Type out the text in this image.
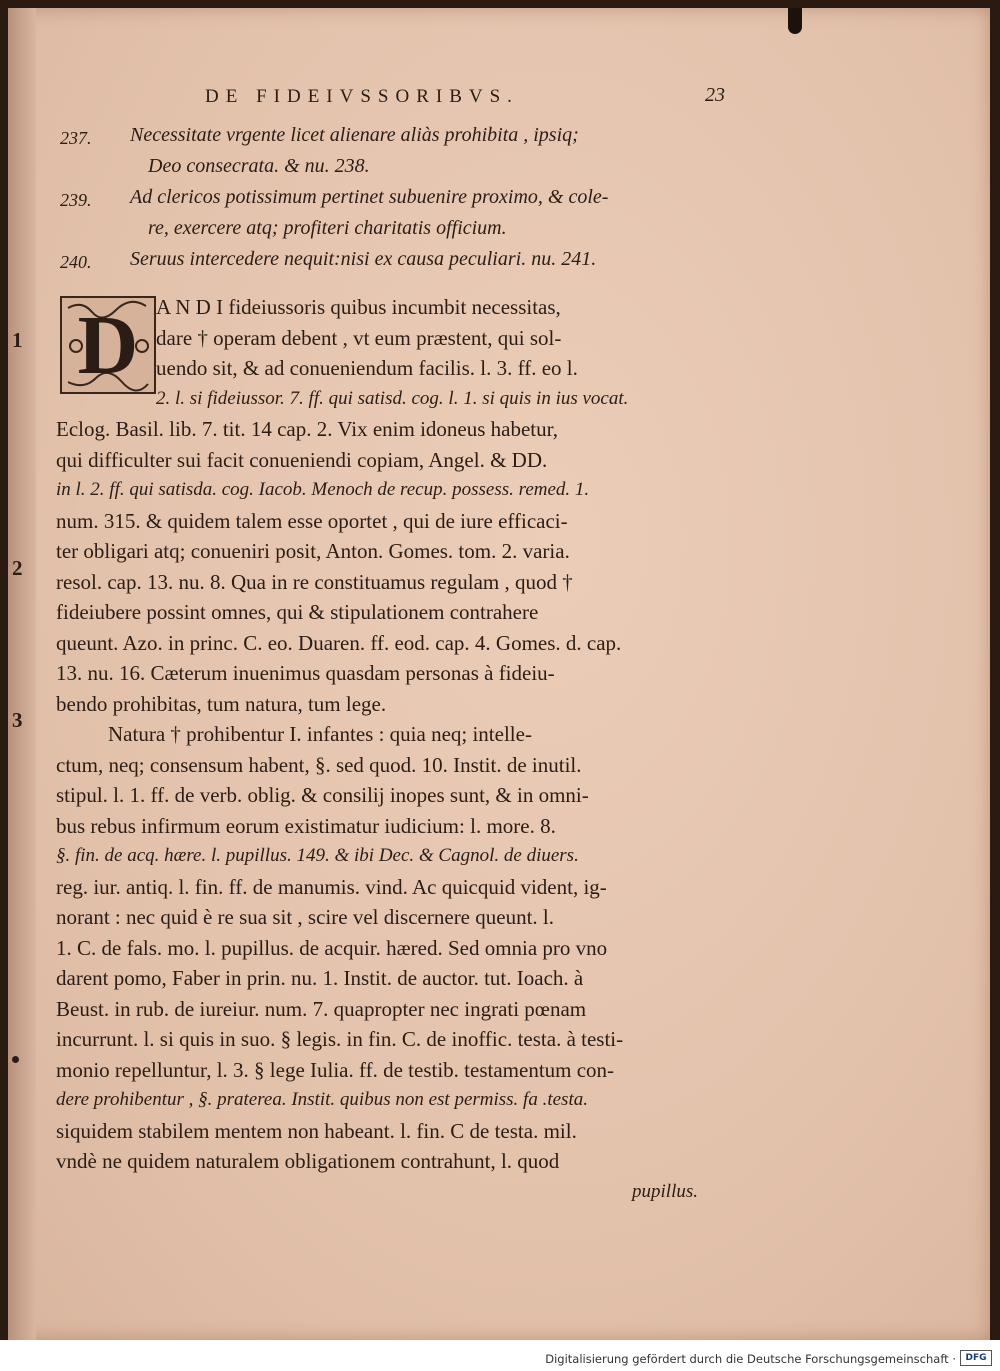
DE FIDEIVSSORIBVS.	23
237.	Necessitate vrgente licet alienare aliàs prohibita , ipsiq;
Deo consecrata. & nu. 238.
239.	Ad clericos potissimum pertinet subuenire proximo, & cole-
re, exercere atq; profiteri charitatis officium.
240.	Seruus intercedere nequit:nisi ex causa peculiari. nu. 241.
D A N D I fideiussoris quibus incumbit necessitas,
dare † operam debent , vt eum præstent, qui sol-
uendo sit, & ad conueniendum facilis. l. 3. ff. eo l.
2. l. si fideiussor. 7. ff. qui satisd. cog. l. 1. si quis in ius vocat.
Eclog. Basil. lib. 7. tit. 14 cap. 2. Vix enim idoneus habetur,
qui difficulter sui facit conueniendi copiam, Angel. & DD.
in l. 2. ff. qui satisda. cog. Iacob. Menoch de recup. possess. remed. 1.
num. 315. & quidem talem esse oportet , qui de iure efficaci-
ter obligari atq; conueniri posit, Anton. Gomes. tom. 2. varia.
resol. cap. 13. nu. 8. Qua in re constituamus regulam , quod †
fideiubere possint omnes, qui & stipulationem contrahere
queunt. Azo. in princ. C. eo. Duaren. ff. eod. cap. 4. Gomes. d. cap.
13. nu. 16. Cæterum inuenimus quasdam personas à fideiu-
bendo prohibitas, tum natura, tum lege.
Natura † prohibentur I. infantes : quia neq; intelle-
ctum, neq; consensum habent, §. sed quod. 10. Instit. de inutil.
stipul. l. 1. ff. de verb. oblig. & consilij inopes sunt, & in omni-
bus rebus infirmum eorum existimatur iudicium: l. more. 8.
§. fin. de acq. hære. l. pupillus. 149. & ibi Dec. & Cagnol. de diuers.
reg. iur. antiq. l. fin. ff. de manumis. vind. Ac quicquid vident, ig-
norant : nec quid è re sua sit , scire vel discernere queunt. l.
1. C. de fals. mo. l. pupillus. de acquir. hæred. Sed omnia pro vno
darent pomo, Faber in prin. nu. 1. Instit. de auctor. tut. Ioach. à
Beust. in rub. de iureiur. num. 7. quapropter nec ingrati pœnam
incurrunt. l. si quis in suo. § legis. in fin. C. de inoffic. testa. à testi-
monio repelluntur, l. 3. § lege Iulia. ff. de testib. testamentum con-
dere prohibentur , §. praterea. Instit. quibus non est permiss. fa .testa.
siquidem stabilem mentem non habeant. l. fin. C de testa. mil.
vndè ne quidem naturalem obligationem contrahunt, l. quod
pupillus.
1
2
3
Digitalisierung gefördert durch die Deutsche Forschungsgemeinschaft ·	DFG
